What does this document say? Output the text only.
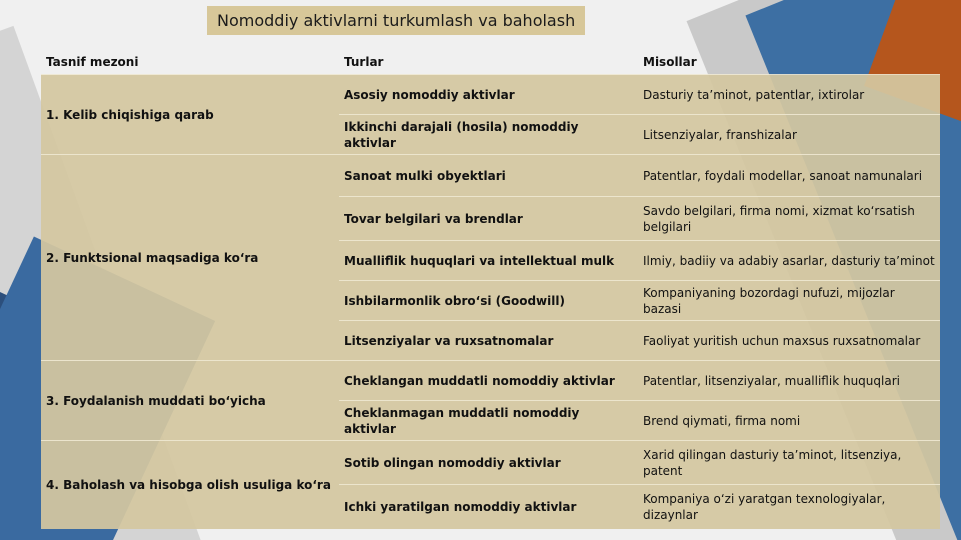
Nomoddiy aktivlarni turkumlash va baholash
Tasnif mezoni	Turlar	Misollar
1. Kelib chiqishiga qarab	Asosiy nomoddiy aktivlar	Dasturiy ta’minot, patentlar, ixtirolar
	Ikkinchi darajali (hosila) nomoddiy aktivlar	Litsenziyalar, franshizalar
2. Funktsional maqsadiga ko‘ra	Sanoat mulki obyektlari	Patentlar, foydali modellar, sanoat namunalari
	Tovar belgilari va brendlar	Savdo belgilari, firma nomi, xizmat ko‘rsatish belgilari
	Mualliflik huquqlari va intellektual mulk	Ilmiy, badiiy va adabiy asarlar, dasturiy ta’minot
	Ishbilarmonlik obro‘si (Goodwill)	Kompaniyaning bozordagi nufuzi, mijozlar bazasi
	Litsenziyalar va ruxsatnomalar	Faoliyat yuritish uchun maxsus ruxsatnomalar
3. Foydalanish muddati bo‘yicha	Cheklangan muddatli nomoddiy aktivlar	Patentlar, litsenziyalar, mualliflik huquqlari
	Cheklanmagan muddatli nomoddiy aktivlar	Brend qiymati, firma nomi
4. Baholash va hisobga olish usuliga ko‘ra	Sotib olingan nomoddiy aktivlar	Xarid qilingan dasturiy ta’minot, litsenziya, patent
	Ichki yaratilgan nomoddiy aktivlar	Kompaniya o‘zi yaratgan texnologiyalar, dizaynlar
